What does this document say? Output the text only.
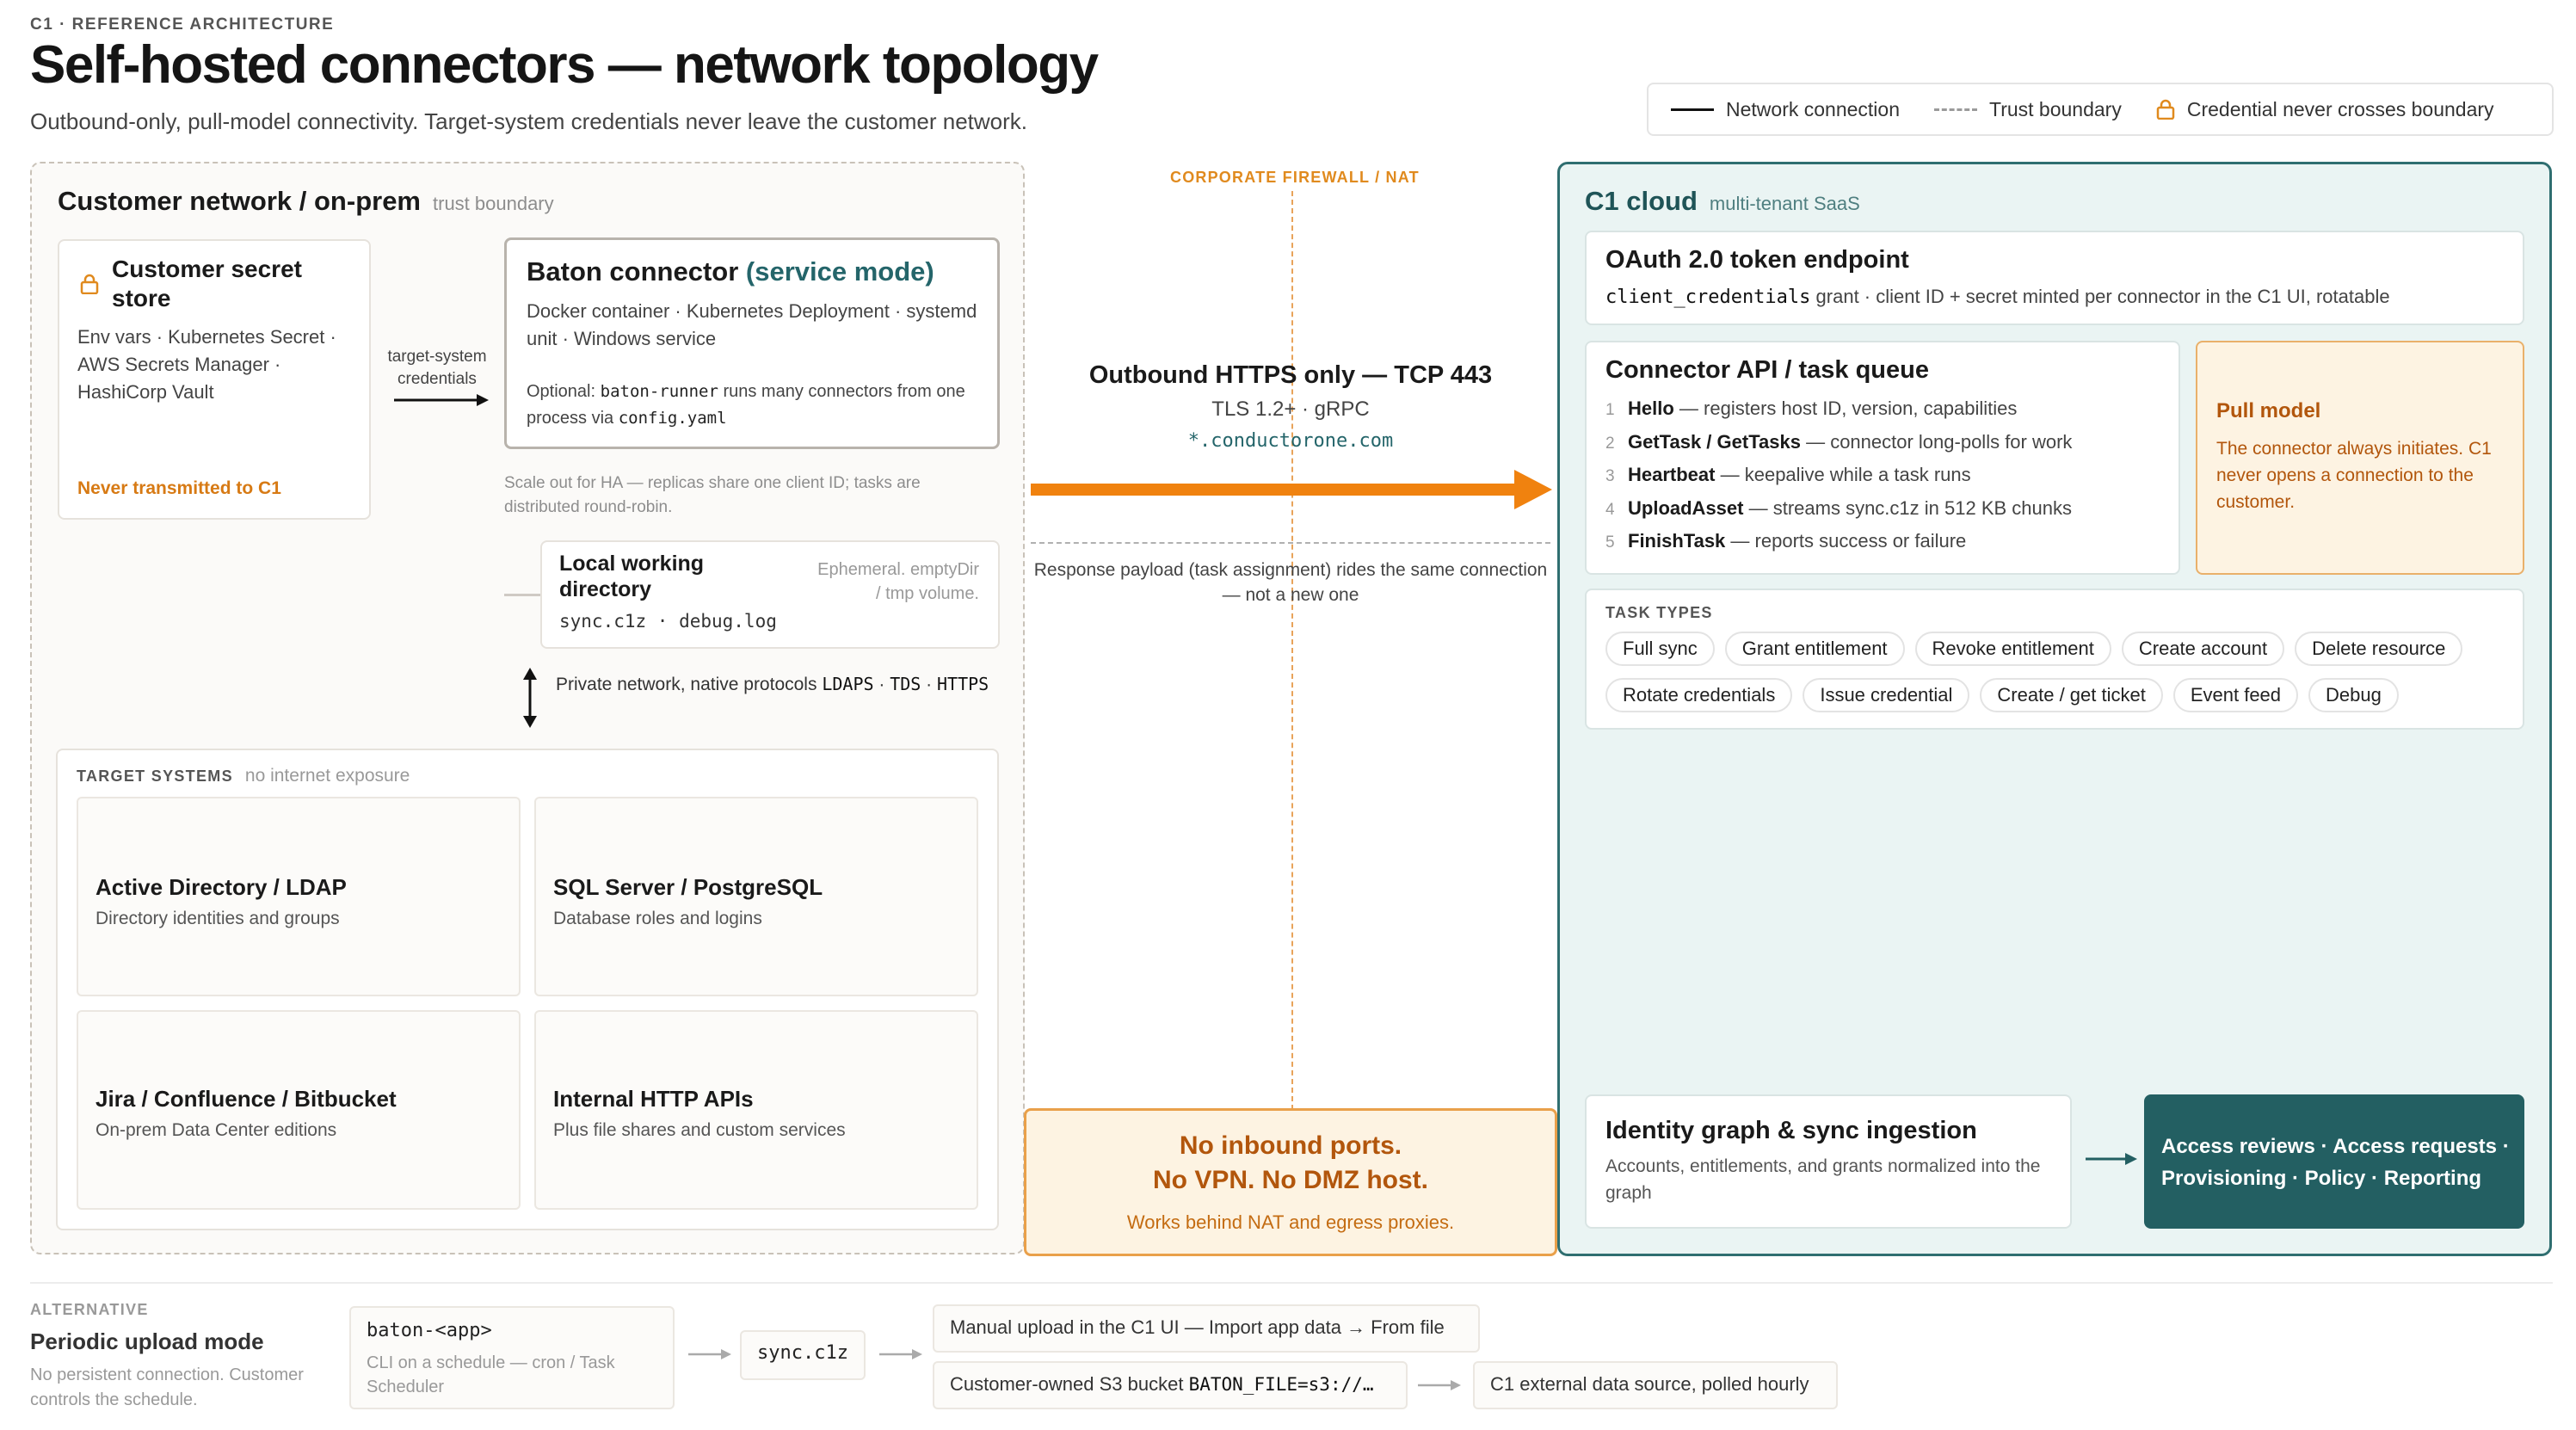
C1 · REFERENCE ARCHITECTURE
Self-hosted connectors — network topology
Outbound-only, pull-model connectivity. Target-system credentials never leave the customer network.	Network connection	Trust boundary	Credential never crosses boundary
Customer network / on-prem trust boundary
Customer secret store
Env vars · Kubernetes Secret · AWS Secrets Manager · HashiCorp Vault
Never transmitted to C1
target-system credentials
Baton connector (service mode)
Docker container · Kubernetes Deployment · systemd unit · Windows service
Optional: baton-runner runs many connectors from one process via config.yaml
Scale out for HA — replicas share one client ID; tasks are distributed round-robin.
Local working directory
sync.c1z · debug.log
Ephemeral. emptyDir / tmp volume.
Private network, native protocols LDAPS · TDS · HTTPS
TARGET SYSTEMS no internet exposure
Active Directory / LDAP
Directory identities and groups
SQL Server / PostgreSQL
Database roles and logins
Jira / Confluence / Bitbucket
On-prem Data Center editions
Internal HTTP APIs
Plus file shares and custom services
CORPORATE FIREWALL / NAT
Outbound HTTPS only — TCP 443
TLS 1.2+ · gRPC
*.conductorone.com
Response payload (task assignment) rides the same connection — not a new one
No inbound ports.
No VPN. No DMZ host.
Works behind NAT and egress proxies.
C1 cloud multi-tenant SaaS
OAuth 2.0 token endpoint
client_credentials grant · client ID + secret minted per connector in the C1 UI, rotatable
Connector API / task queue
1 Hello — registers host ID, version, capabilities
2 GetTask / GetTasks — connector long-polls for work
3 Heartbeat — keepalive while a task runs
4 UploadAsset — streams sync.c1z in 512 KB chunks
5 FinishTask — reports success or failure
Pull model
The connector always initiates. C1 never opens a connection to the customer.
TASK TYPES
Full sync	Grant entitlement	Revoke entitlement	Create account	Delete resource
Rotate credentials	Issue credential	Create / get ticket	Event feed	Debug
Identity graph & sync ingestion
Accounts, entitlements, and grants normalized into the graph
Access reviews · Access requests · Provisioning · Policy · Reporting
ALTERNATIVE
Periodic upload mode
No persistent connection. Customer controls the schedule.
baton-<app>
CLI on a schedule — cron / Task Scheduler
sync.c1z
Manual upload in the C1 UI — Import app data → From file
Customer-owned S3 bucket BATON_FILE=s3://…	C1 external data source, polled hourly
